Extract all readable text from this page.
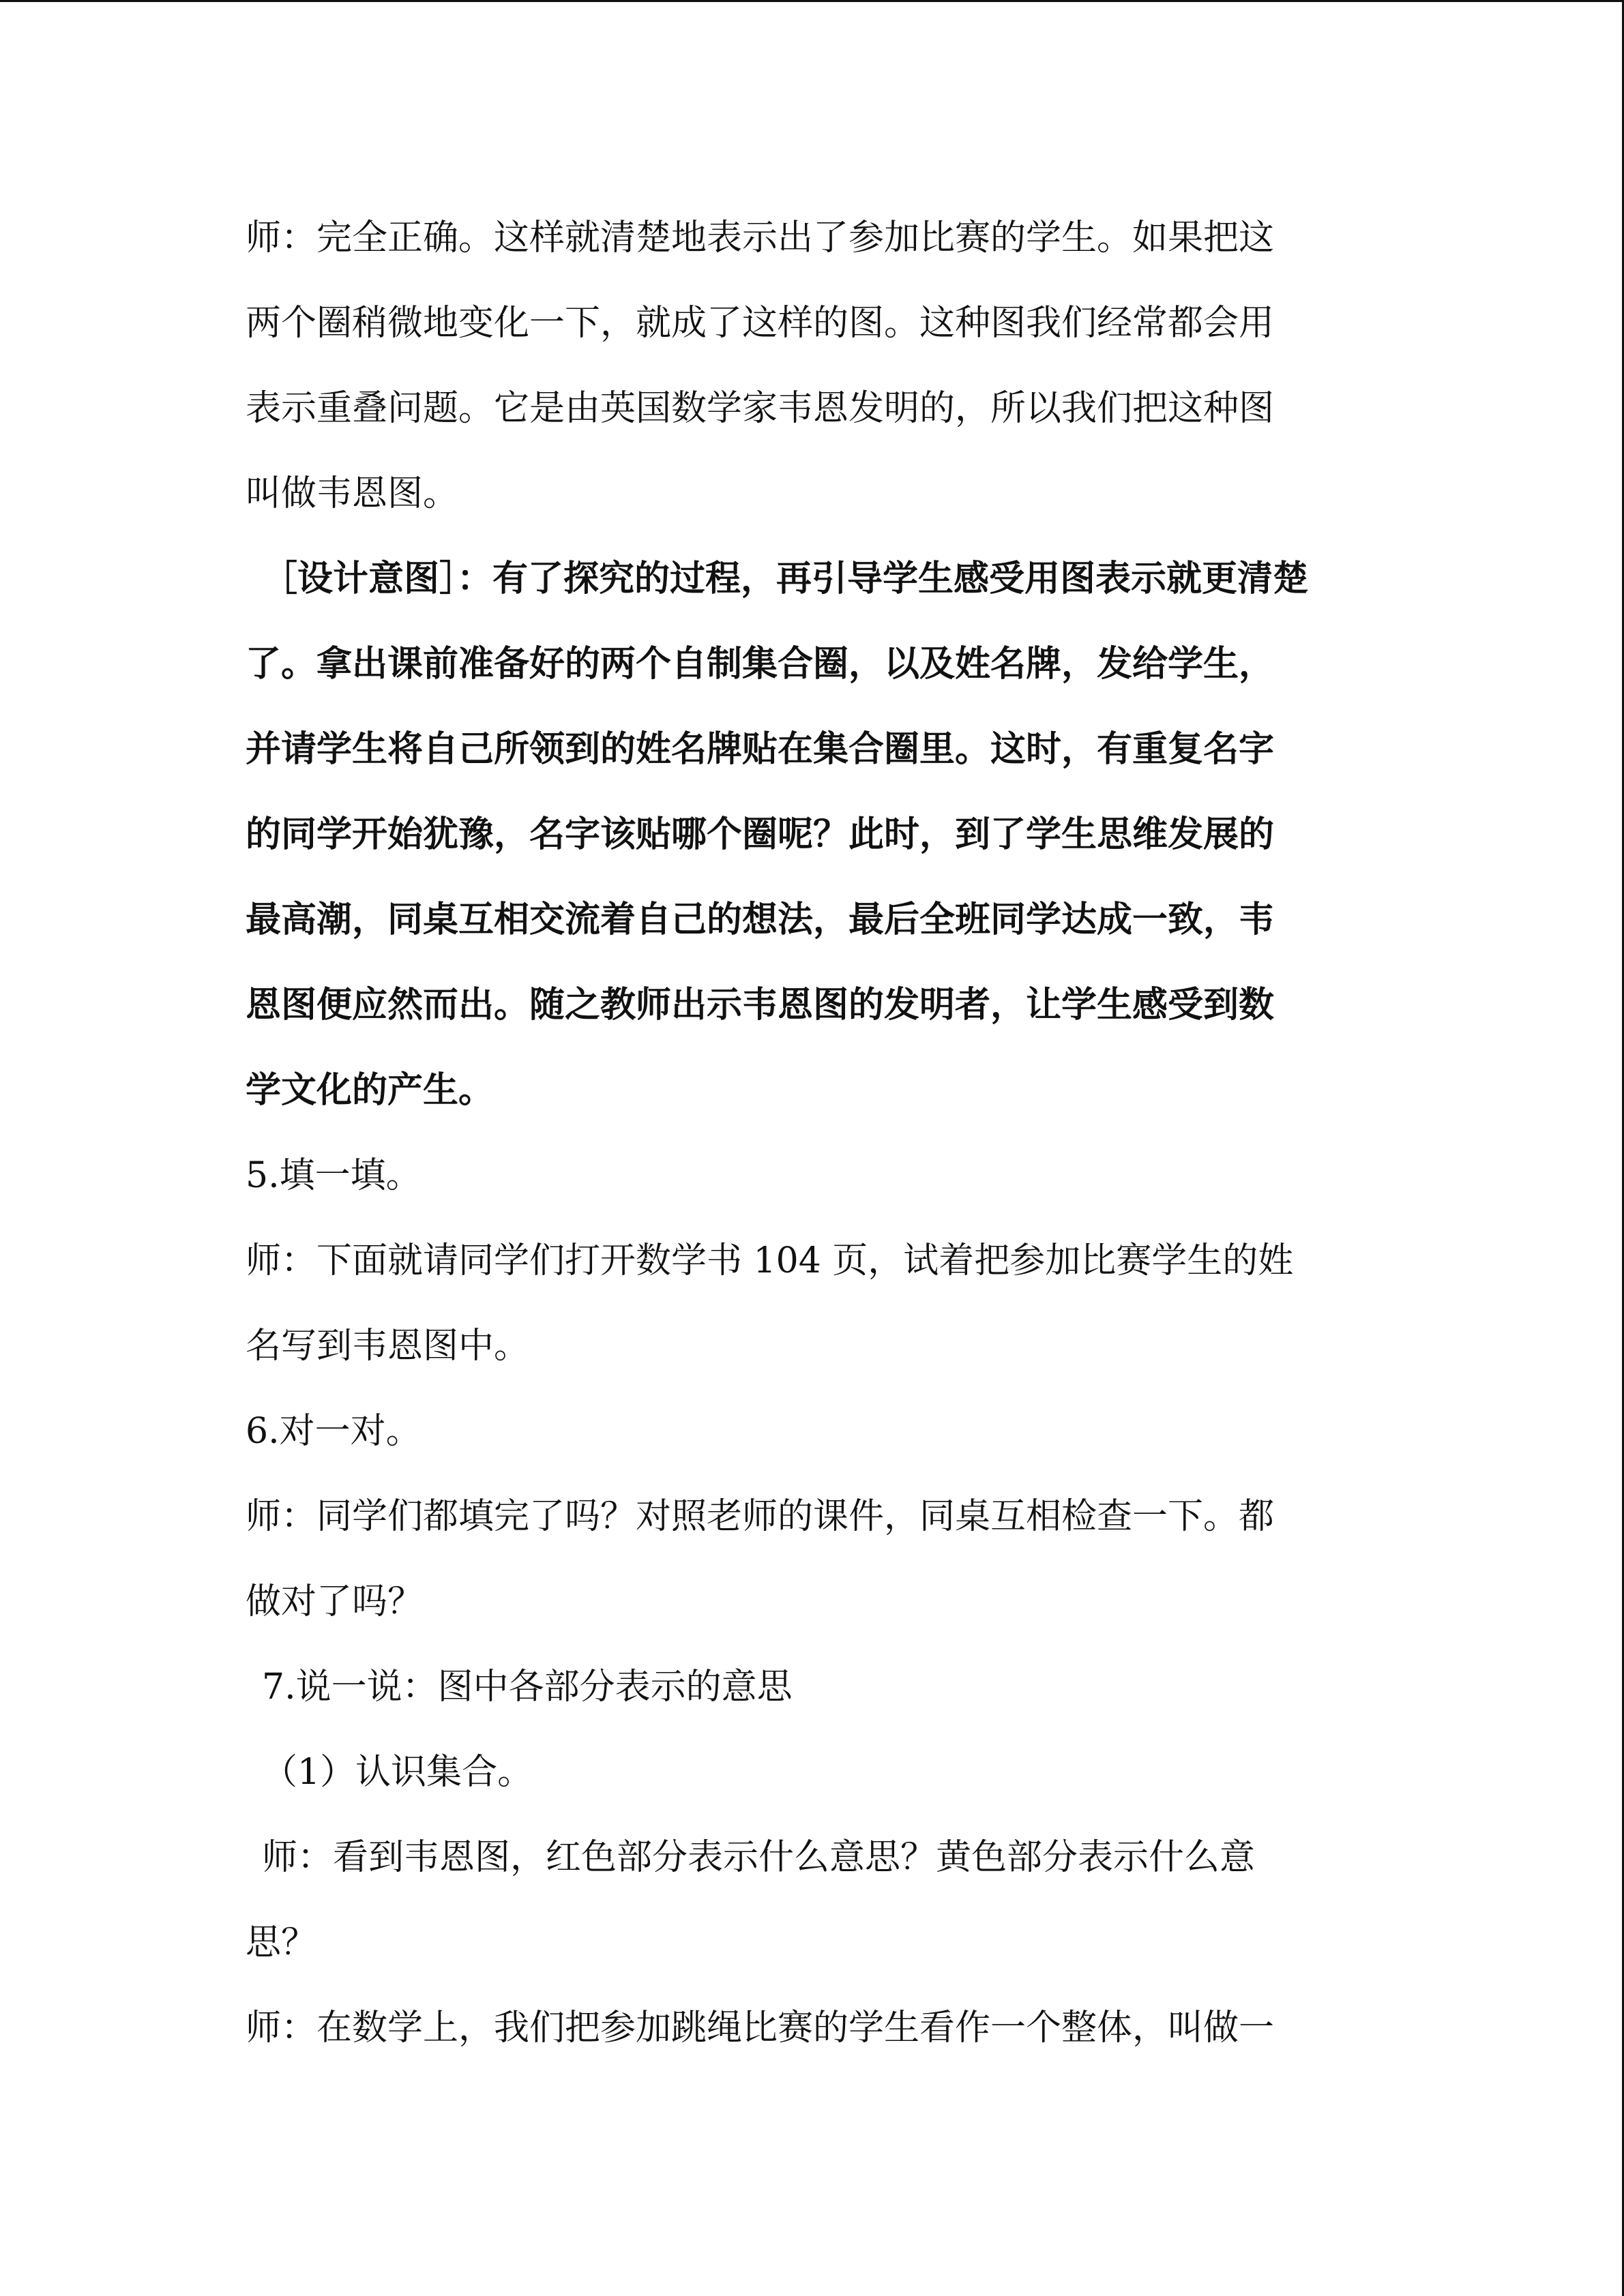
师：完全正确。这样就清楚地表示出了参加比赛的学生。如果把这
两个圈稍微地变化一下，就成了这样的图。这种图我们经常都会用
表示重叠问题。它是由英国数学家韦恩发明的，所以我们把这种图
叫做韦恩图。
［设计意图］：有了探究的过程，再引导学生感受用图表示就更清楚
了。拿出课前准备好的两个自制集合圈，以及姓名牌，发给学生，
并请学生将自己所领到的姓名牌贴在集合圈里。这时，有重复名字
的同学开始犹豫，名字该贴哪个圈呢？此时，到了学生思维发展的
最高潮，同桌互相交流着自己的想法，最后全班同学达成一致，韦
恩图便应然而出。随之教师出示韦恩图的发明者，让学生感受到数
学文化的产生。
5.填一填。
师：下面就请同学们打开数学书 104 页，试着把参加比赛学生的姓
名写到韦恩图中。
6.对一对。
师：同学们都填完了吗？对照老师的课件，同桌互相检查一下。都
做对了吗？
7.说一说：图中各部分表示的意思
（1）认识集合。
师：看到韦恩图，红色部分表示什么意思？黄色部分表示什么意
思？
师：在数学上，我们把参加跳绳比赛的学生看作一个整体，叫做一
